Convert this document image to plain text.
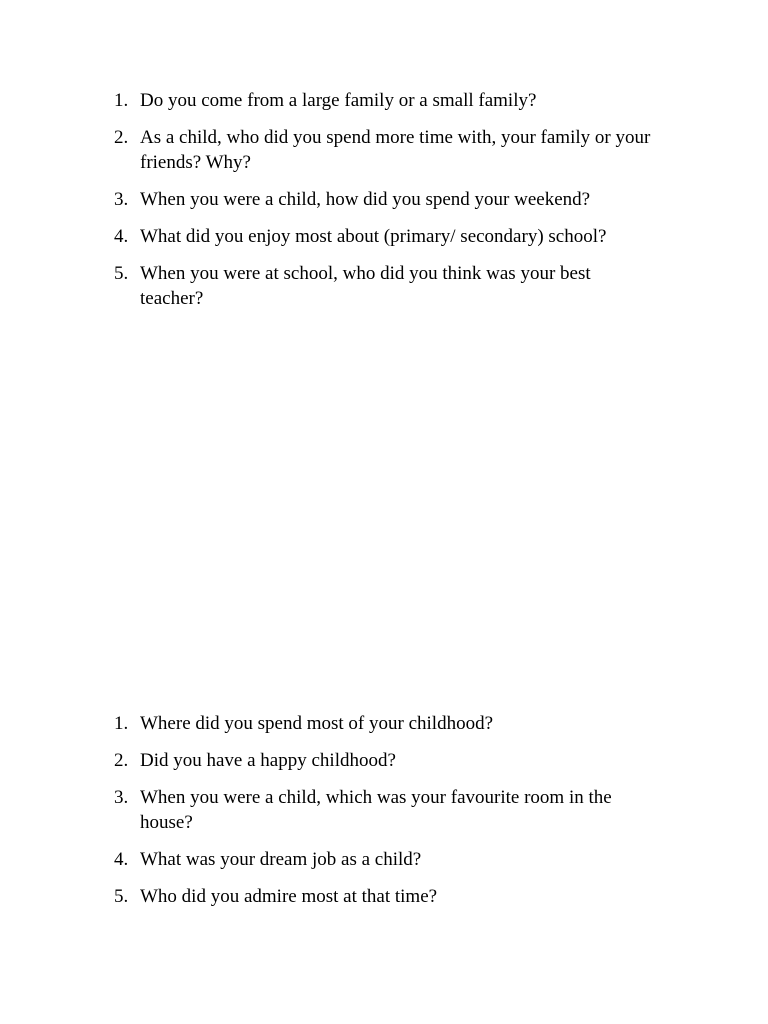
1. Do you come from a large family or a small family?
2. As a child, who did you spend more time with, your family or your friends? Why?
3. When you were a child, how did you spend your weekend?
4. What did you enjoy most about (primary/ secondary) school?
5. When you were at school, who did you think was your best teacher?
1. Where did you spend most of your childhood?
2. Did you have a happy childhood?
3. When you were a child, which was your favourite room in the house?
4. What was your dream job as a child?
5. Who did you admire most at that time?
